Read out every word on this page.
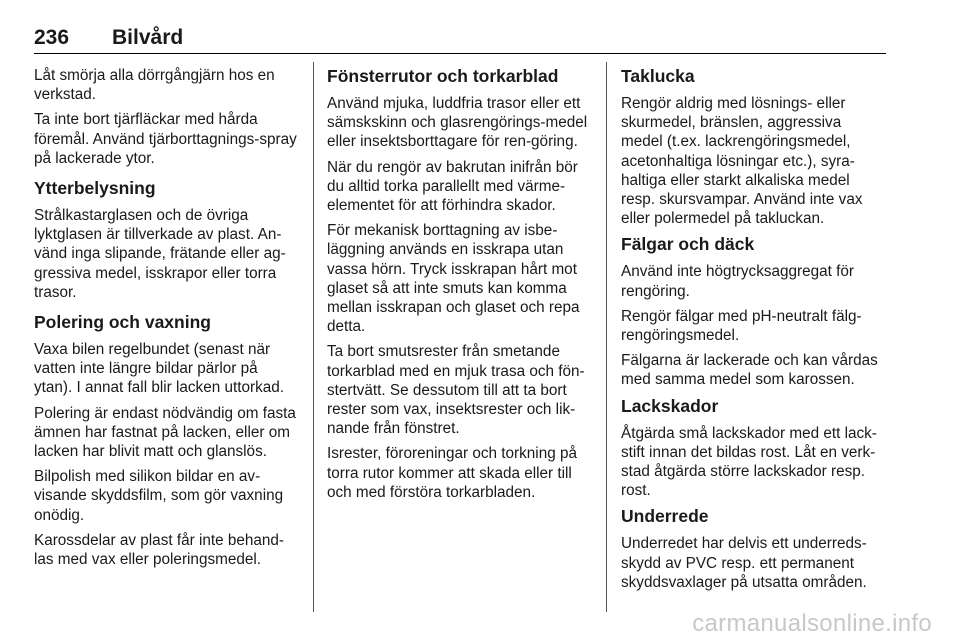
236 Bilvård

Låt smörja alla dörrgångjärn hos en verkstad.

Ta inte bort tjärfläckar med hårda föremål. Använd tjärborttagnings-spray på lackerade ytor.

Ytterbelysning

Strålkastarglasen och de övriga lyktglasen är tillverkade av plast. An-vänd inga slipande, frätande eller ag-gressiva medel, isskrapor eller torra trasor.

Polering och vaxning

Vaxa bilen regelbundet (senast när vatten inte längre bildar pärlor på ytan). I annat fall blir lacken uttorkad.

Polering är endast nödvändig om fasta ämnen har fastnat på lacken, eller om lacken har blivit matt och glanslös.

Bilpolish med silikon bildar en av-visande skyddsfilm, som gör vaxning onödig.

Karossdelar av plast får inte behand-las med vax eller poleringsmedel.

Fönsterrutor och torkarblad

Använd mjuka, luddfria trasor eller ett sämskskinn och glasrengörings-medel eller insektsborttagare för ren-göring.

När du rengör av bakrutan inifrån bör du alltid torka parallellt med värme-elementet för att förhindra skador.

För mekanisk borttagning av isbe-läggning används en isskrapa utan vassa hörn. Tryck isskrapan hårt mot glaset så att inte smuts kan komma mellan isskrapan och glaset och repa detta.

Ta bort smutsrester från smetande torkarblad med en mjuk trasa och fön-stertvätt. Se dessutom till att ta bort rester som vax, insektsrester och lik-nande från fönstret.

Isrester, föroreningar och torkning på torra rutor kommer att skada eller till och med förstöra torkarbladen.

Taklucka

Rengör aldrig med lösnings- eller skurmedel, bränslen, aggressiva medel (t.ex. lackrengöringsmedel, acetonhaltiga lösningar etc.), syra-haltiga eller starkt alkaliska medel resp. skursvampar. Använd inte vax eller polermedel på takluckan.

Fälgar och däck

Använd inte högtrycksaggregat för rengöring.

Rengör fälgar med pH-neutralt fälg-rengöringsmedel.

Fälgarna är lackerade och kan vårdas med samma medel som karossen.

Lackskador

Åtgärda små lackskador med ett lack-stift innan det bildas rost. Låt en verk-stad åtgärda större lackskador resp. rost.

Underrede

Underredet har delvis ett underreds-skydd av PVC resp. ett permanent skyddsvaxlager på utsatta områden.

carmanualsonline.info
